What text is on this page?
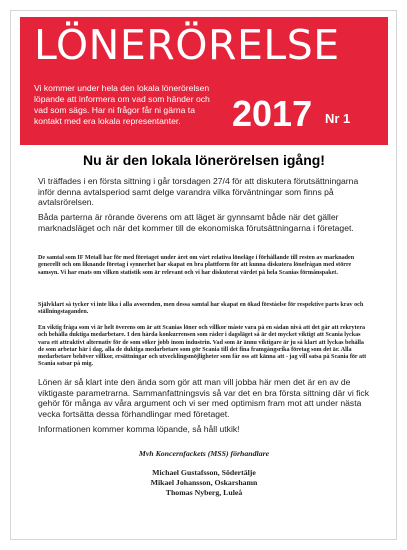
LÖNERÖRELSE
Vi kommer under hela den lokala lönerörelsen löpande att informera om vad som händer och vad som sägs. Har ni frågor får ni gärna ta kontakt med era lokala representanter.	2017 Nr 1
Nu är den lokala lönerörelsen igång!
Vi träffades i en första sittning i går torsdagen 27/4 för att diskutera förutsättningarna inför denna avtalsperiod samt delge varandra vilka förväntningar som finns på avtalsrörelsen.
Båda parterna är rörande överens om att läget är gynnsamt både när det gäller marknadsläget och när det kommer till de ekonomiska förutsättningarna i företaget.
De samtal som IF Metall har för med företaget under året om vårt relativa löneläge i förhållande till resten av marknaden generellt och om liknande företag i synnerhet har skapat en bra plattform för att kunna diskutera lönefrågan med större samsyn. Vi har enats om vilken statistik som är relevant och vi har diskuterat värdet på hela Scanias förmånspaket.
Självklart så tycker vi inte lika i alla avseenden, men dessa samtal har skapat en ökad förståelse för respektive parts krav och ställningstaganden.
En viktig fråga som vi är helt överens om är att Scanias löner och villkor måste vara på en sådan nivå att det går att rekrytera och behålla duktiga medarbetare. I den hårda konkurrensen som råder i dagsläget så är det mycket viktigt att Scania lyckas vara ett attraktivt alternativ för de som söker jobb inom industrin. Vad som är ännu viktigare är ju så klart att lyckas behålla de som arbetar här i dag, alla de duktiga medarbetare som gör Scania till det fina framgångsrika företag som det är. Alla medarbetare behöver villkor, ersättningar och utvecklingsmöjligheter som får oss att känna att - jag vill satsa på Scania för att Scania satsar på mig.
Lönen är så klart inte den ända som gör att man vill jobba här men det är en av de viktigaste parametrarna. Sammanfattningsvis så var det en bra första sittning där vi fick gehör för många av våra argument och vi ser med optimism fram mot att under nästa vecka fortsätta dessa förhandlingar med företaget.
Informationen kommer komma löpande, så håll utkik!
Mvh Koncernfackets (MSS) förhandlare
Michael Gustafsson, Södertälje
Mikael Johansson, Oskarshamn
Thomas Nyberg, Luleå
